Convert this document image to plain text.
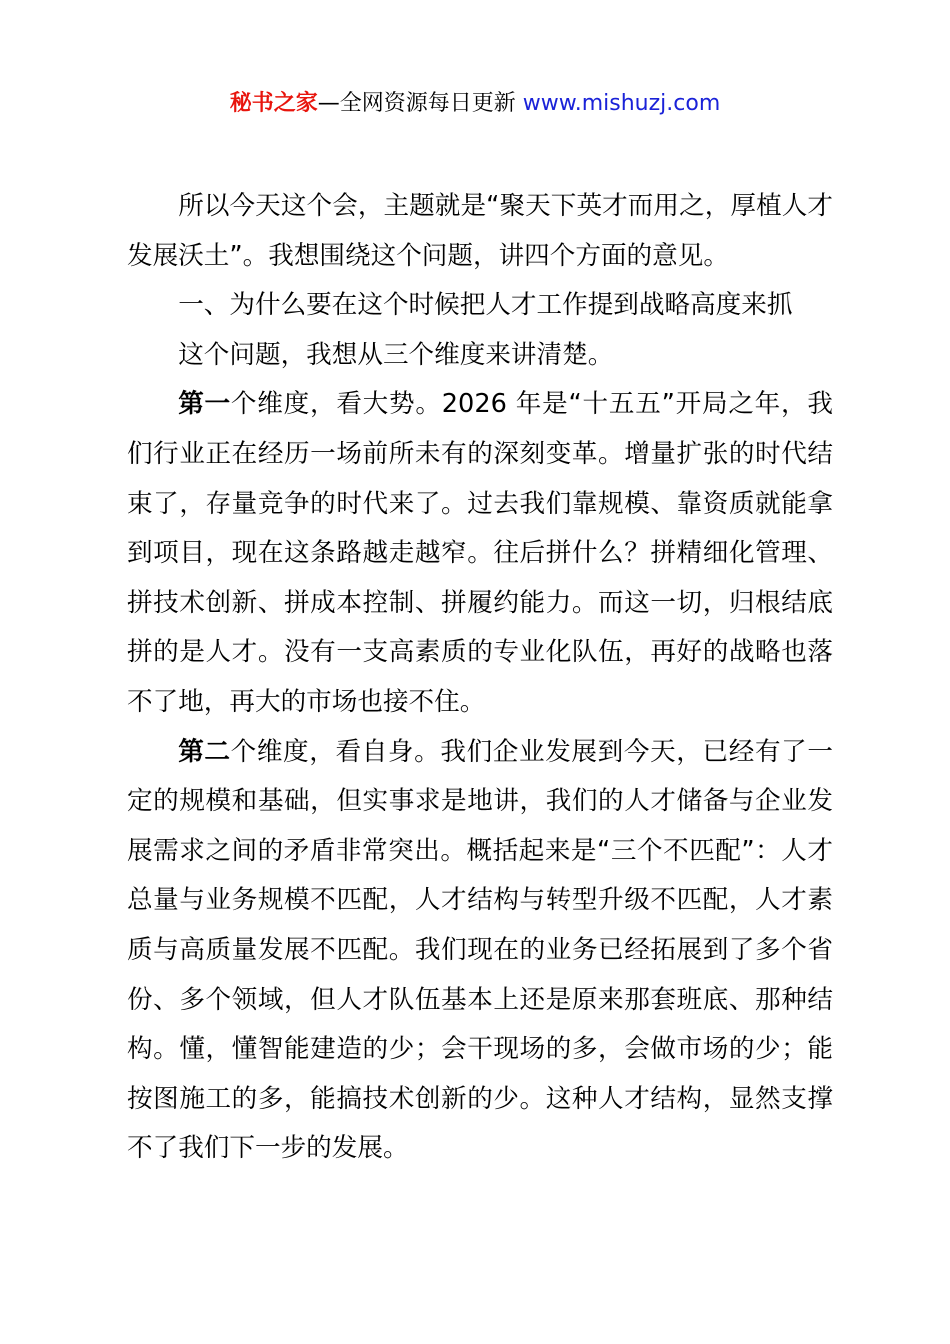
秘书之家—全网资源每日更新 www.mishuzj.com

所以今天这个会，主题就是“聚天下英才而用之，厚植人才发展沃土”。我想围绕这个问题，讲四个方面的意见。

一、为什么要在这个时候把人才工作提到战略高度来抓

这个问题，我想从三个维度来讲清楚。

第一个维度，看大势。2026 年是“十五五”开局之年，我们行业正在经历一场前所未有的深刻变革。增量扩张的时代结束了，存量竞争的时代来了。过去我们靠规模、靠资质就能拿到项目，现在这条路越走越窄。往后拼什么？拼精细化管理、拼技术创新、拼成本控制、拼履约能力。而这一切，归根结底拼的是人才。没有一支高素质的专业化队伍，再好的战略也落不了地，再大的市场也接不住。

第二个维度，看自身。我们企业发展到今天，已经有了一定的规模和基础，但实事求是地讲，我们的人才储备与企业发展需求之间的矛盾非常突出。概括起来是“三个不匹配”：人才总量与业务规模不匹配，人才结构与转型升级不匹配，人才素质与高质量发展不匹配。我们现在的业务已经拓展到了多个省份、多个领域，但人才队伍基本上还是原来那套班底、那种结构。懂，懂智能建造的少；会干现场的多，会做市场的少；能按图施工的多，能搞技术创新的少。这种人才结构，显然支撑不了我们下一步的发展。
